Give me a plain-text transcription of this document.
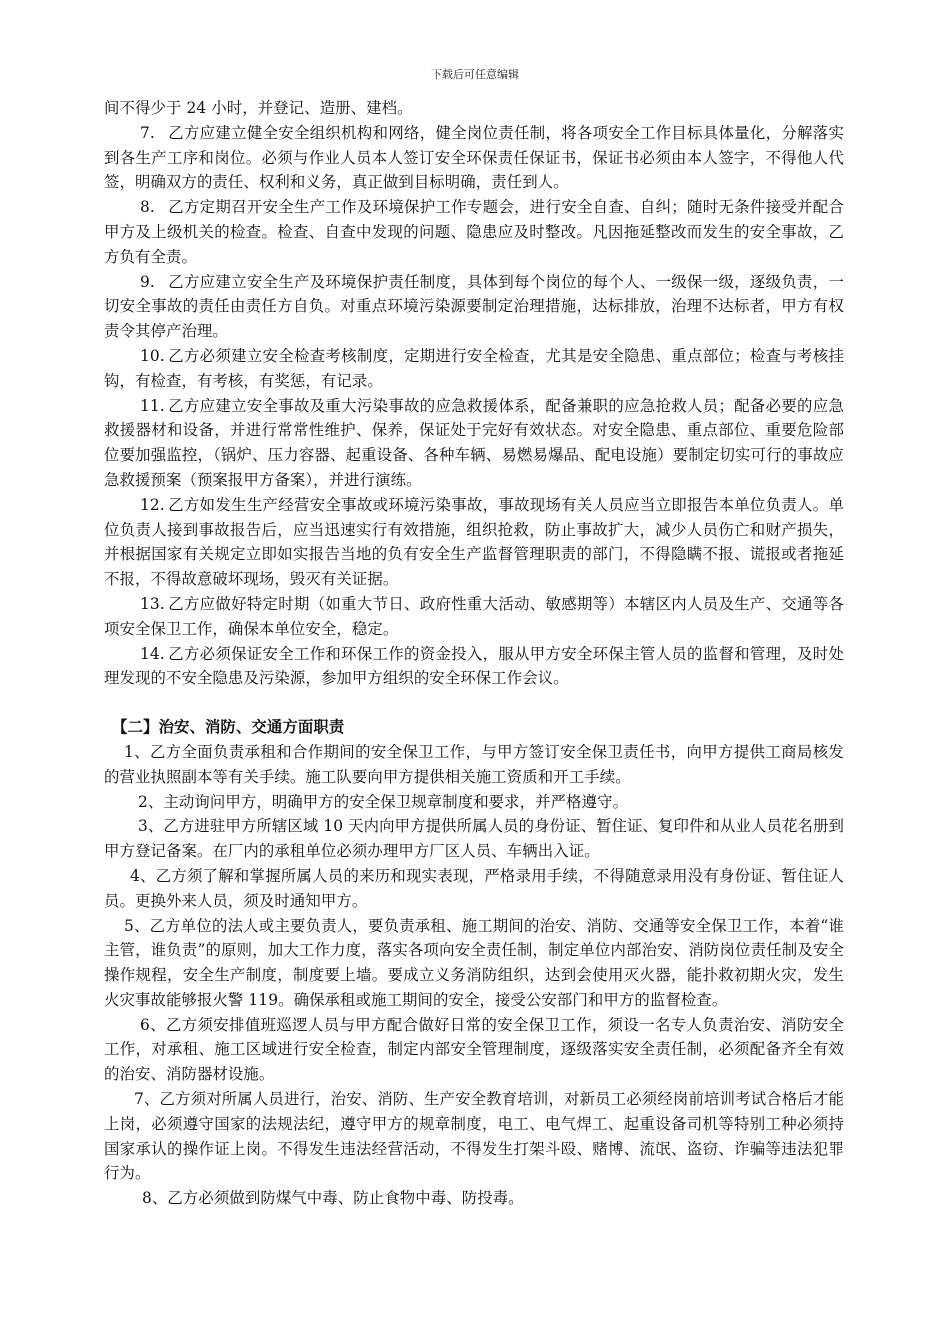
下载后可任意编辑

间不得少于 24 小时，并登记、造册、建档。

7. 乙方应建立健全安全组织机构和网络，健全岗位责任制，将各项安全工作目标具体量化，分解落实到各生产工序和岗位。必须与作业人员本人签订安全环保责任保证书，保证书必须由本人签字，不得他人代签，明确双方的责任、权利和义务，真正做到目标明确，责任到人。

8. 乙方定期召开安全生产工作及环境保护工作专题会，进行安全自查、自纠；随时无条件接受并配合甲方及上级机关的检查。检查、自查中发现的问题、隐患应及时整改。凡因拖延整改而发生的安全事故，乙方负有全责。

9. 乙方应建立安全生产及环境保护责任制度，具体到每个岗位的每个人、一级保一级，逐级负责，一切安全事故的责任由责任方自负。对重点环境污染源要制定治理措施，达标排放，治理不达标者，甲方有权责令其停产治理。

10. 乙方必须建立安全检查考核制度，定期进行安全检查，尤其是安全隐患、重点部位；检查与考核挂钩，有检查，有考核，有奖惩，有记录。

11. 乙方应建立安全事故及重大污染事故的应急救援体系，配备兼职的应急抢救人员；配备必要的应急救援器材和设备，并进行常常性维护、保养，保证处于完好有效状态。对安全隐患、重点部位、重要危险部位要加强监控，（锅炉、压力容器、起重设备、各种车辆、易燃易爆品、配电设施）要制定切实可行的事故应急救援预案（预案报甲方备案），并进行演练。

12. 乙方如发生生产经营安全事故或环境污染事故，事故现场有关人员应当立即报告本单位负责人。单位负责人接到事故报告后，应当迅速实行有效措施，组织抢救，防止事故扩大，减少人员伤亡和财产损失，并根据国家有关规定立即如实报告当地的负有安全生产监督管理职责的部门，不得隐瞒不报、谎报或者拖延不报，不得故意破坏现场，毁灭有关证据。

13. 乙方应做好特定时期（如重大节日、政府性重大活动、敏感期等）本辖区内人员及生产、交通等各项安全保卫工作，确保本单位安全，稳定。

14. 乙方必须保证安全工作和环保工作的资金投入，服从甲方安全环保主管人员的监督和管理，及时处理发现的不安全隐患及污染源，参加甲方组织的安全环保工作会议。

【二】治安、消防、交通方面职责

1、乙方全面负责承租和合作期间的安全保卫工作，与甲方签订安全保卫责任书，向甲方提供工商局核发的营业执照副本等有关手续。施工队要向甲方提供相关施工资质和开工手续。

2、主动询问甲方，明确甲方的安全保卫规章制度和要求，并严格遵守。

3、乙方进驻甲方所辖区域 10 天内向甲方提供所属人员的身份证、暂住证、复印件和从业人员花名册到甲方登记备案。在厂内的承租单位必须办理甲方厂区人员、车辆出入证。

4、乙方须了解和掌握所属人员的来历和现实表现，严格录用手续，不得随意录用没有身份证、暂住证人员。更换外来人员，须及时通知甲方。

5、乙方单位的法人或主要负责人，要负责承租、施工期间的治安、消防、交通等安全保卫工作，本着“谁主管，谁负责”的原则，加大工作力度，落实各项向安全责任制，制定单位内部治安、消防岗位责任制及安全操作规程，安全生产制度，制度要上墙。要成立义务消防组织，达到会使用灭火器，能扑救初期火灾，发生火灾事故能够报火警 119。确保承租或施工期间的安全，接受公安部门和甲方的监督检查。

6、乙方须安排值班巡逻人员与甲方配合做好日常的安全保卫工作，须设一名专人负责治安、消防安全工作，对承租、施工区域进行安全检查，制定内部安全管理制度，逐级落实安全责任制，必须配备齐全有效的治安、消防器材设施。

7、乙方须对所属人员进行，治安、消防、生产安全教育培训，对新员工必须经岗前培训考试合格后才能上岗，必须遵守国家的法规法纪，遵守甲方的规章制度，电工、电气焊工、起重设备司机等特别工种必须持国家承认的操作证上岗。不得发生违法经营活动，不得发生打架斗殴、赌博、流氓、盗窃、诈骗等违法犯罪行为。

8、乙方必须做到防煤气中毒、防止食物中毒、防投毒。
